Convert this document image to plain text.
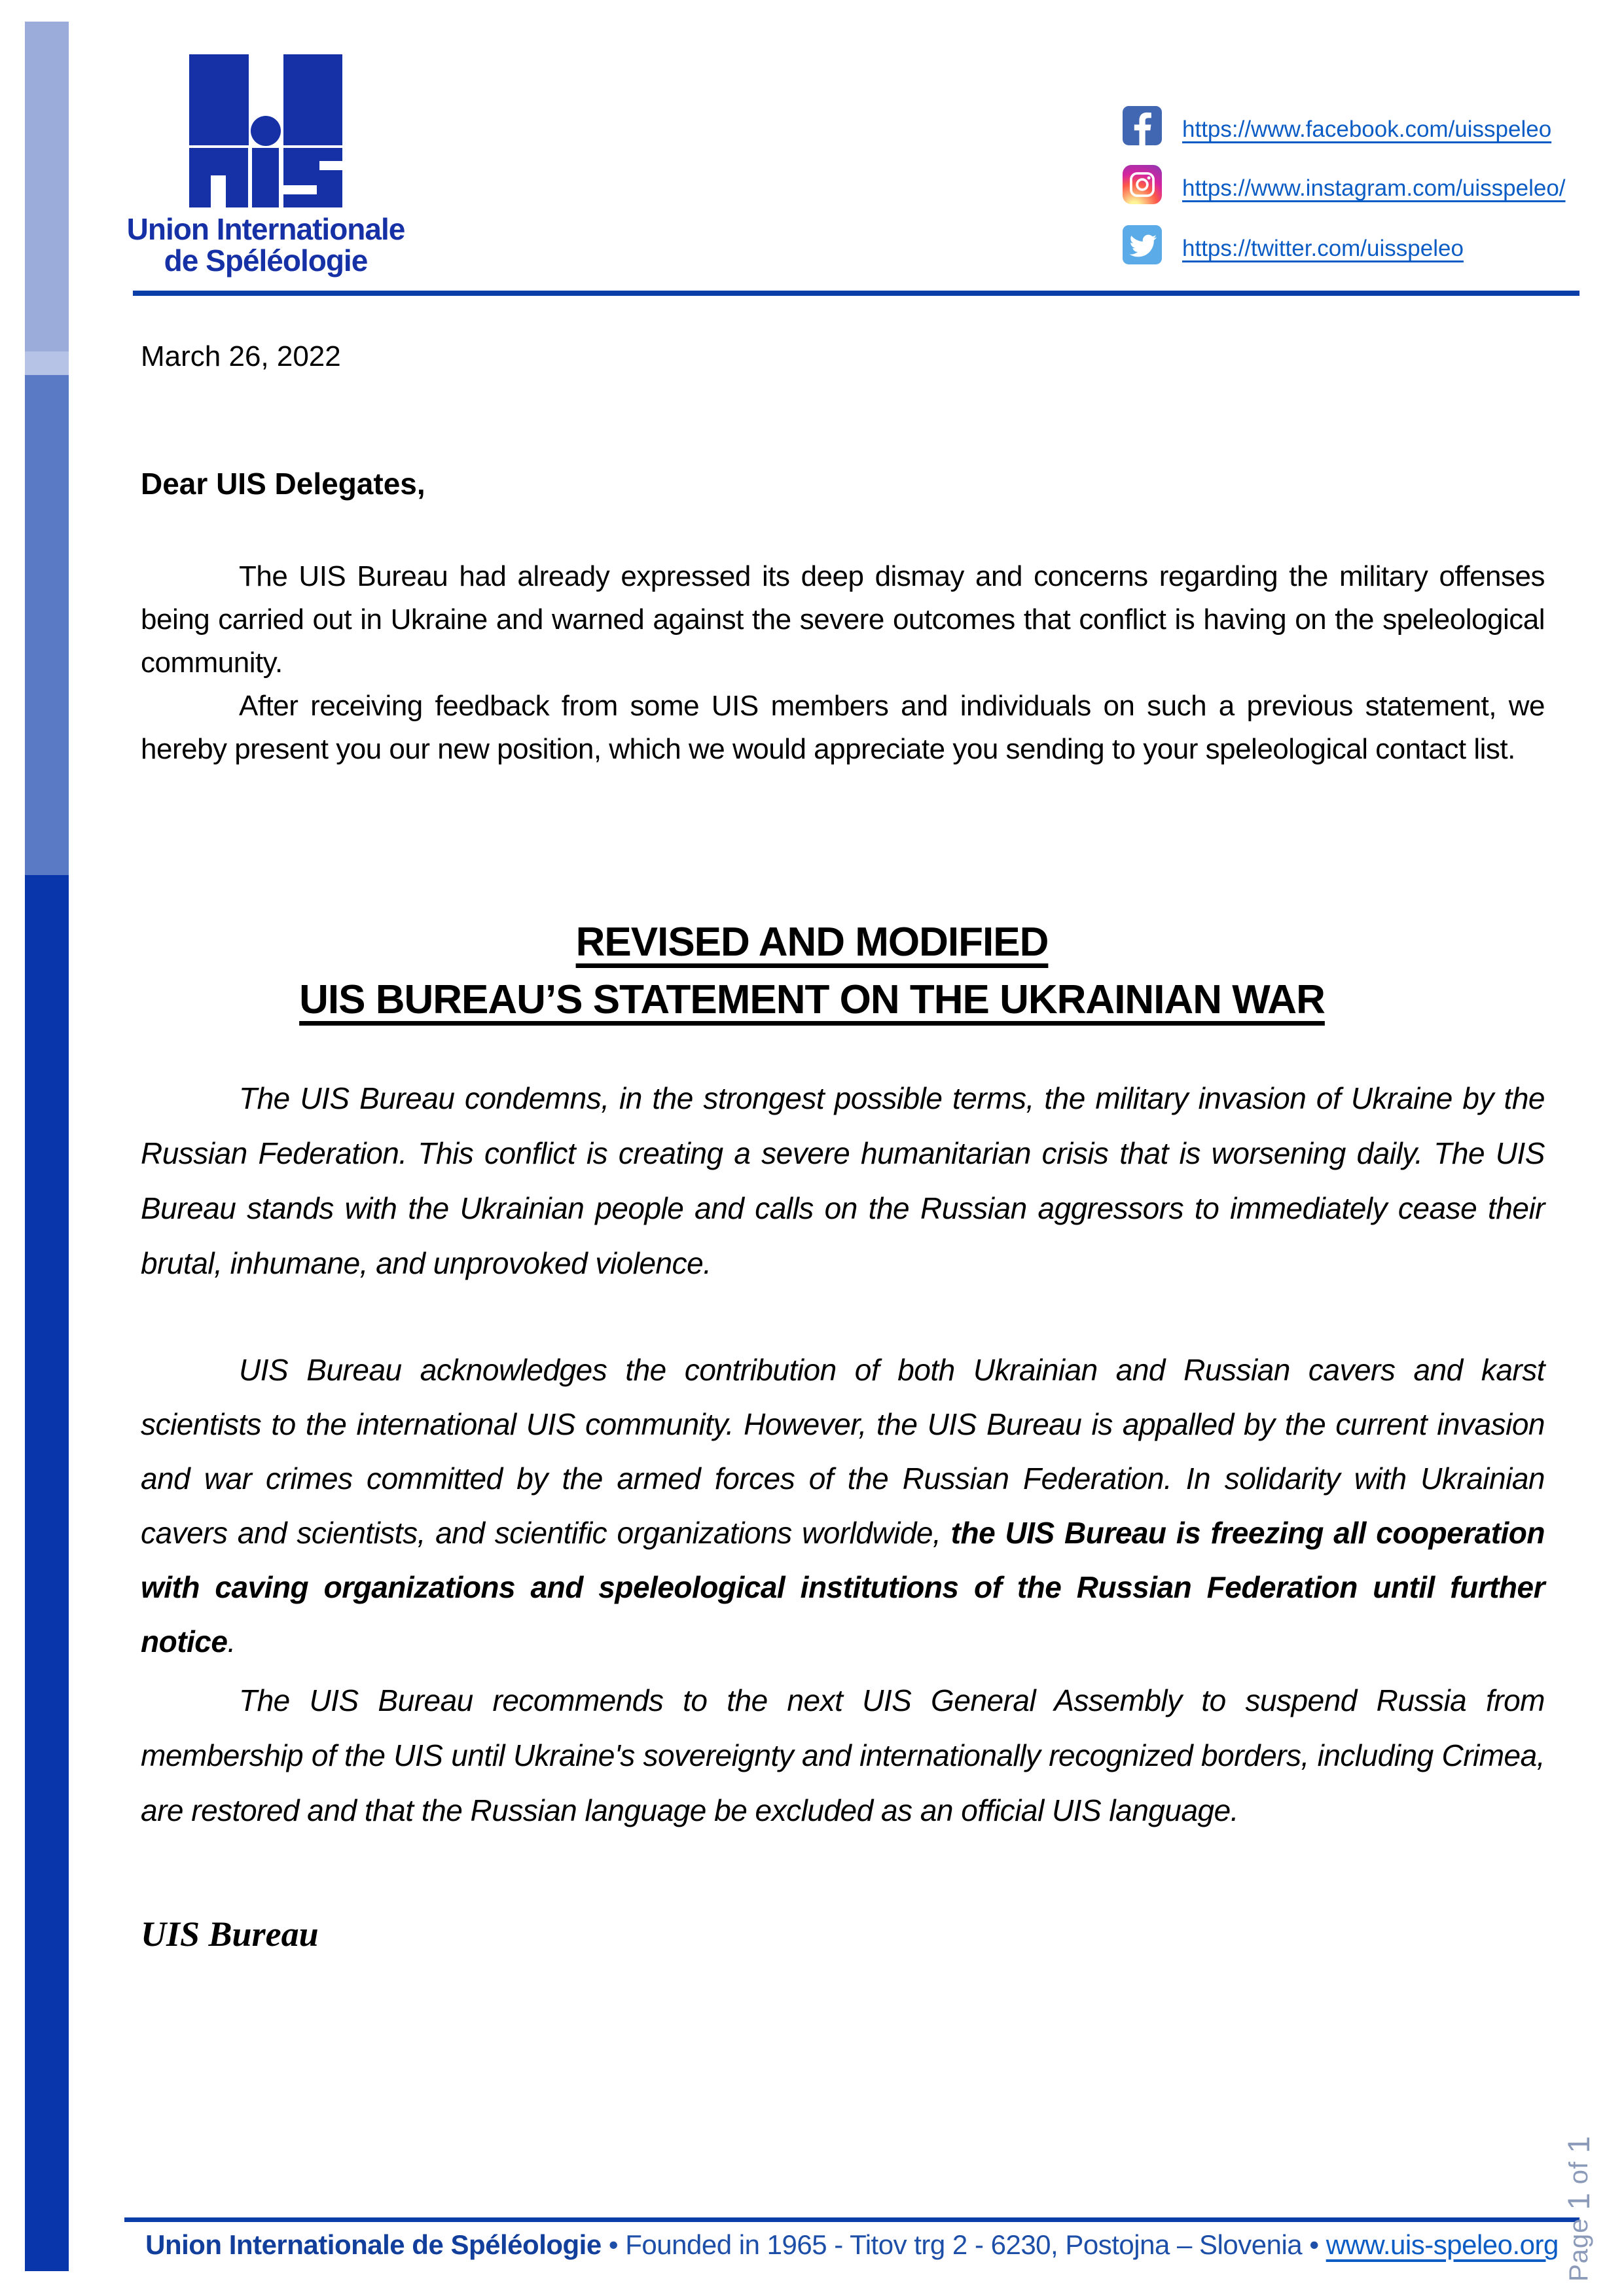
Union Internationale
de Spéléologie
https://www.facebook.com/uisspeleo
https://www.instagram.com/uisspeleo/
https://twitter.com/uisspeleo
March 26, 2022
Dear UIS Delegates,

The UIS Bureau had already expressed its deep dismay and concerns regarding the military offenses being carried out in Ukraine and warned against the severe outcomes that conflict is having on the speleological community.

After receiving feedback from some UIS members and individuals on such a previous statement, we hereby present you our new position, which we would appreciate you sending to your speleological contact list.

REVISED AND MODIFIED
UIS BUREAU’S STATEMENT ON THE UKRAINIAN WAR

The UIS Bureau condemns, in the strongest possible terms, the military invasion of Ukraine by the Russian Federation. This conflict is creating a severe humanitarian crisis that is worsening daily. The UIS Bureau stands with the Ukrainian people and calls on the Russian aggressors to immediately cease their brutal, inhumane, and unprovoked violence.

UIS Bureau acknowledges the contribution of both Ukrainian and Russian cavers and karst scientists to the international UIS community. However, the UIS Bureau is appalled by the current invasion and war crimes committed by the armed forces of the Russian Federation. In solidarity with Ukrainian cavers and scientists, and scientific organizations worldwide, the UIS Bureau is freezing all cooperation with caving organizations and speleological institutions of the Russian Federation until further notice.

The UIS Bureau recommends to the next UIS General Assembly to suspend Russia from membership of the UIS until Ukraine's sovereignty and internationally recognized borders, including Crimea, are restored and that the Russian language be excluded as an official UIS language.

UIS Bureau
Union Internationale de Spéléologie • Founded in 1965 - Titov trg 2 - 6230, Postojna – Slovenia • www.uis-speleo.org Page 1 of 1
